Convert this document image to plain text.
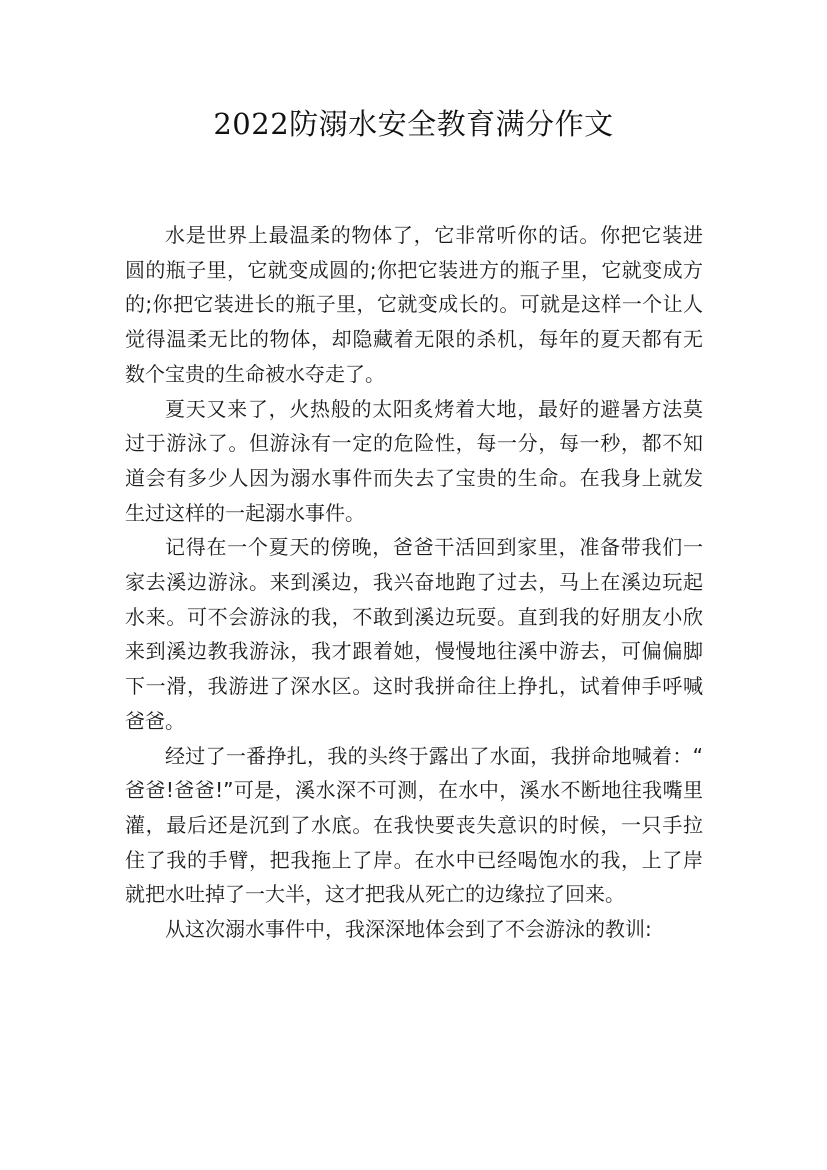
2022防溺水安全教育满分作文

水是世界上最温柔的物体了，它非常听你的话。你把它装进圆的瓶子里，它就变成圆的;你把它装进方的瓶子里，它就变成方的;你把它装进长的瓶子里，它就变成长的。可就是这样一个让人觉得温柔无比的物体，却隐藏着无限的杀机，每年的夏天都有无数个宝贵的生命被水夺走了。

夏天又来了，火热般的太阳炙烤着大地，最好的避暑方法莫过于游泳了。但游泳有一定的危险性，每一分，每一秒，都不知道会有多少人因为溺水事件而失去了宝贵的生命。在我身上就发生过这样的一起溺水事件。

记得在一个夏天的傍晚，爸爸干活回到家里，准备带我们一家去溪边游泳。来到溪边，我兴奋地跑了过去，马上在溪边玩起水来。可不会游泳的我，不敢到溪边玩耍。直到我的好朋友小欣来到溪边教我游泳，我才跟着她，慢慢地往溪中游去，可偏偏脚下一滑，我游进了深水区。这时我拼命往上挣扎，试着伸手呼喊爸爸。

经过了一番挣扎，我的头终于露出了水面，我拼命地喊着：“爸爸!爸爸!”可是，溪水深不可测，在水中，溪水不断地往我嘴里灌，最后还是沉到了水底。在我快要丧失意识的时候，一只手拉住了我的手臂，把我拖上了岸。在水中已经喝饱水的我，上了岸就把水吐掉了一大半，这才把我从死亡的边缘拉了回来。

从这次溺水事件中，我深深地体会到了不会游泳的教训:
